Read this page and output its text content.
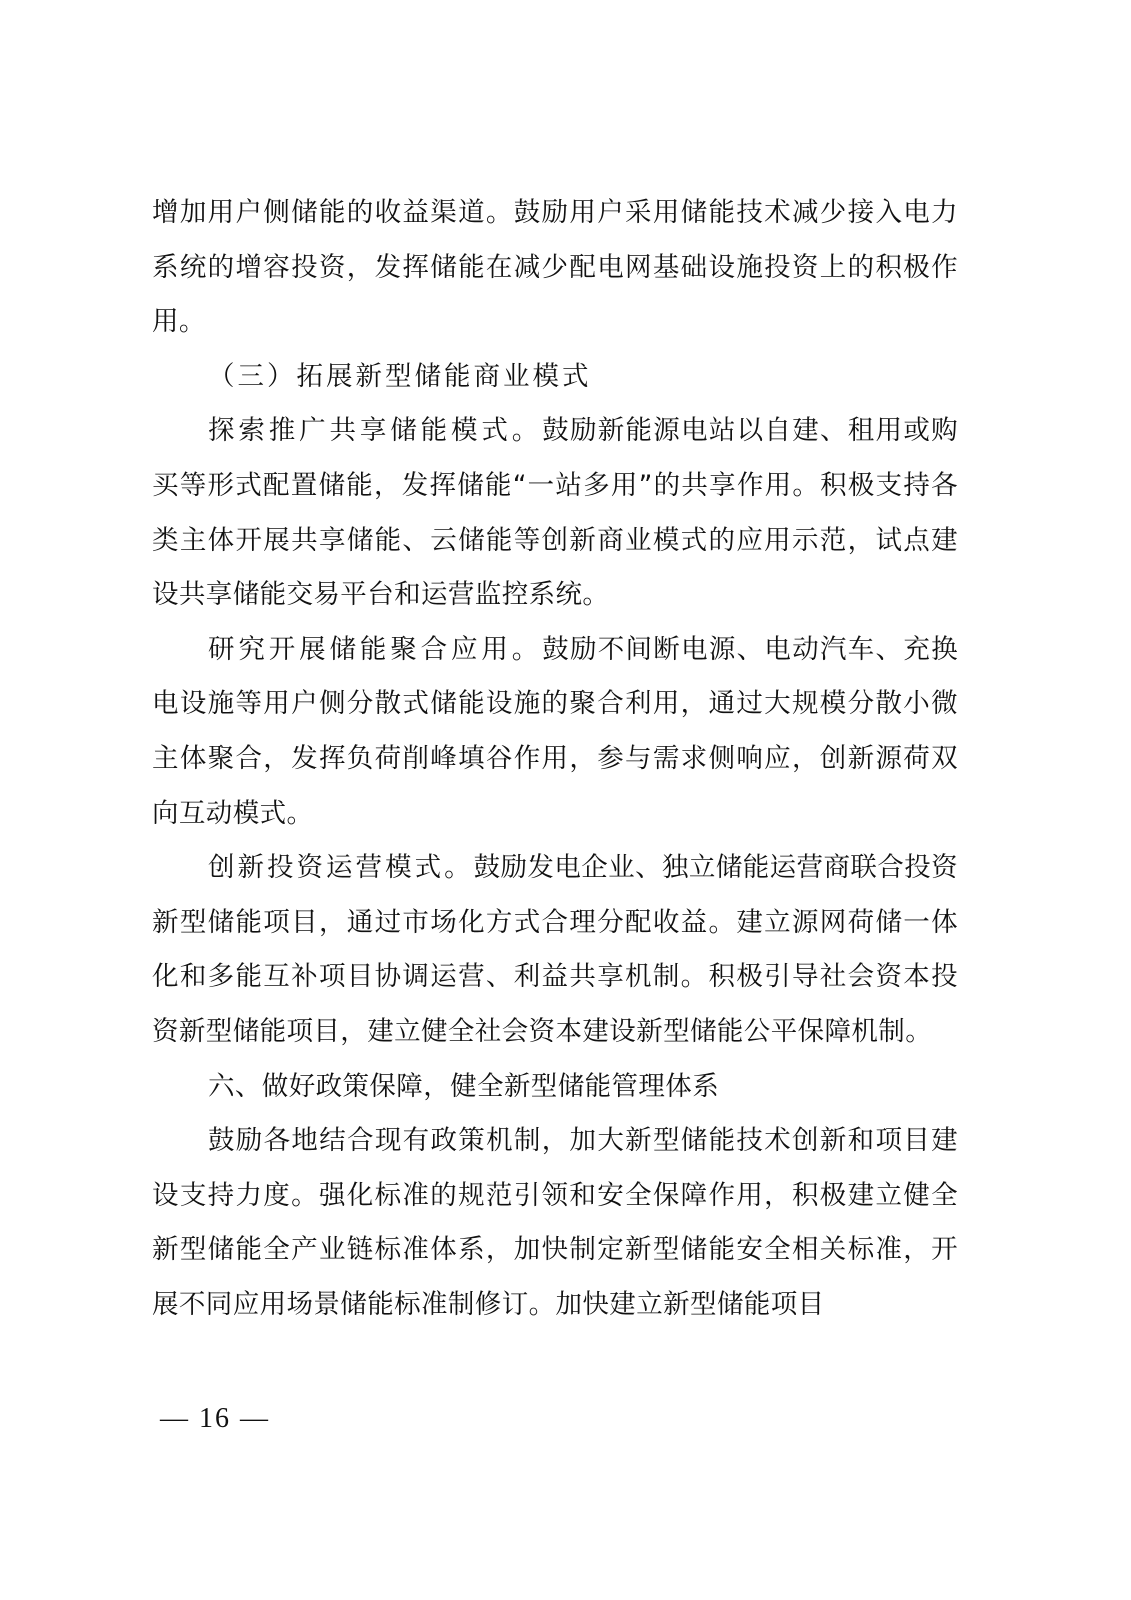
增加用户侧储能的收益渠道。鼓励用户采用储能技术减少接入电力系统的增容投资，发挥储能在减少配电网基础设施投资上的积极作用。

（三）拓展新型储能商业模式

探索推广共享储能模式。鼓励新能源电站以自建、租用或购买等形式配置储能，发挥储能“一站多用”的共享作用。积极支持各类主体开展共享储能、云储能等创新商业模式的应用示范，试点建设共享储能交易平台和运营监控系统。

研究开展储能聚合应用。鼓励不间断电源、电动汽车、充换电设施等用户侧分散式储能设施的聚合利用，通过大规模分散小微主体聚合，发挥负荷削峰填谷作用，参与需求侧响应，创新源荷双向互动模式。

创新投资运营模式。鼓励发电企业、独立储能运营商联合投资新型储能项目，通过市场化方式合理分配收益。建立源网荷储一体化和多能互补项目协调运营、利益共享机制。积极引导社会资本投资新型储能项目，建立健全社会资本建设新型储能公平保障机制。

六、做好政策保障，健全新型储能管理体系

鼓励各地结合现有政策机制，加大新型储能技术创新和项目建设支持力度。强化标准的规范引领和安全保障作用，积极建立健全新型储能全产业链标准体系，加快制定新型储能安全相关标准，开展不同应用场景储能标准制修订。加快建立新型储能项目

— 16 —
